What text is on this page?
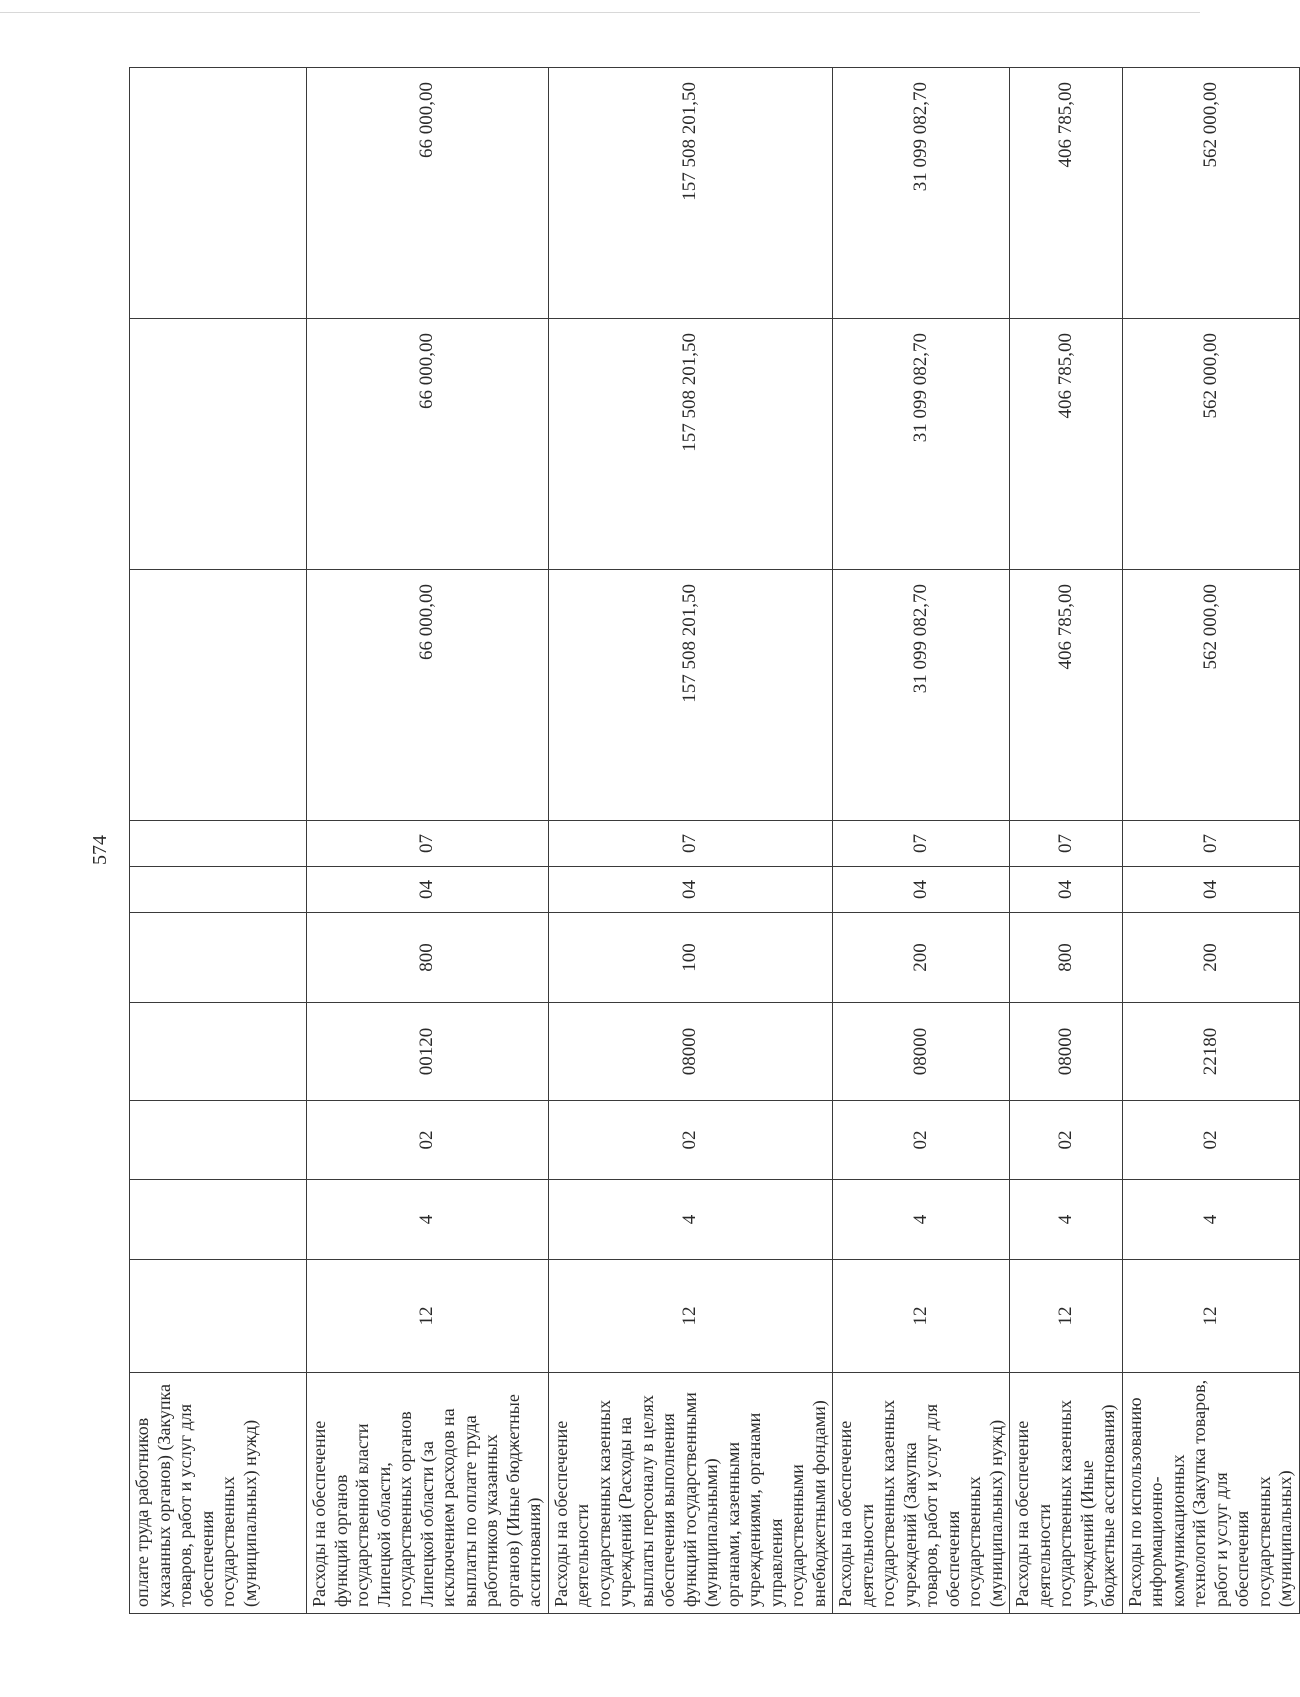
574
оплате труда работников указанных органов) (Закупка товаров, работ и услуг для обеспечения государственных (муниципальных) нужд)										
Расходы на обеспечение функций органов государственной власти Липецкой области, государственных органов Липецкой области (за исключением расходов на выплаты по оплате труда работников указанных органов) (Иные бюджетные ассигнования)	12	4	02	00120	800	04	07	66 000,00	66 000,00	66 000,00
Расходы на обеспечение деятельности государственных казенных учреждений (Расходы на выплаты персоналу в целях обеспечения выполнения функций государственными (муниципальными) органами, казенными учреждениями, органами управления государственными внебюджетными фондами)	12	4	02	08000	100	04	07	157 508 201,50	157 508 201,50	157 508 201,50
Расходы на обеспечение деятельности государственных казенных учреждений (Закупка товаров, работ и услуг для обеспечения государственных (муниципальных) нужд)	12	4	02	08000	200	04	07	31 099 082,70	31 099 082,70	31 099 082,70
Расходы на обеспечение деятельности государственных казенных учреждений (Иные бюджетные ассигнования)	12	4	02	08000	800	04	07	406 785,00	406 785,00	406 785,00
Расходы по использованию информационно-коммуникационных технологий (Закупка товаров, работ и услуг для обеспечения государственных (муниципальных)	12	4	02	22180	200	04	07	562 000,00	562 000,00	562 000,00
